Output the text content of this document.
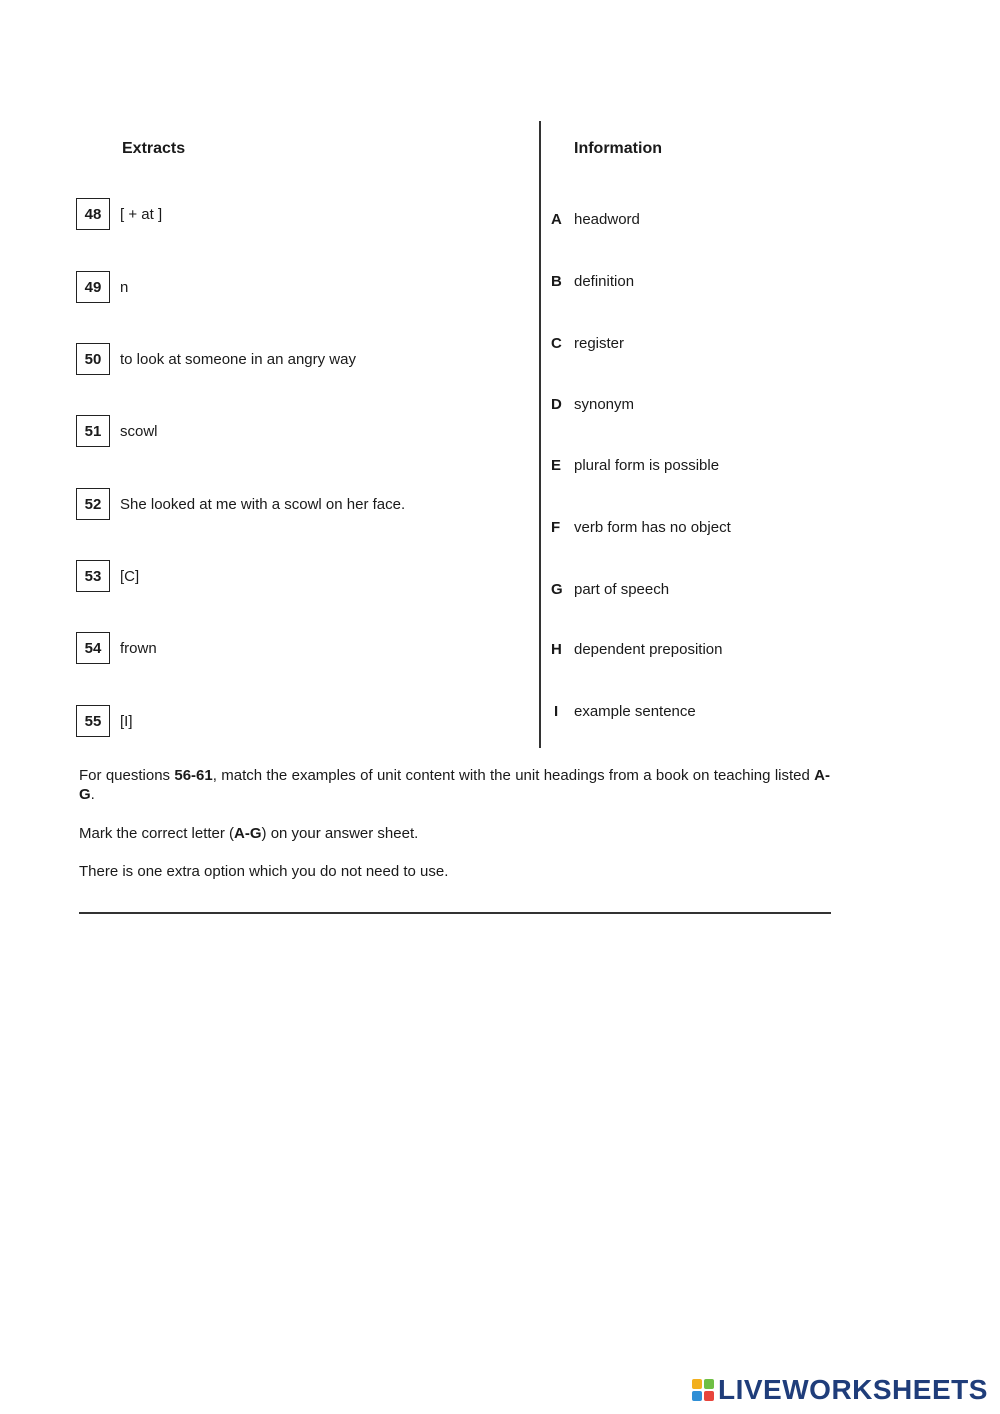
Extracts	Information
48	[ + at ]
49	n
50	to look at someone in an angry way
51	scowl
52	She looked at me with a scowl on her face.
53	[C]
54	frown
55	[I]
A headword
B definition
C register
D synonym
E plural form is possible
F verb form has no object
G part of speech
H dependent preposition
I	example sentence
For questions 56-61, match the examples of unit content with the unit headings from a book on teaching listed A-G.
Mark the correct letter (A-G) on your answer sheet.
There is one extra option which you do not need to use.
LIVEWORKSHEETS
